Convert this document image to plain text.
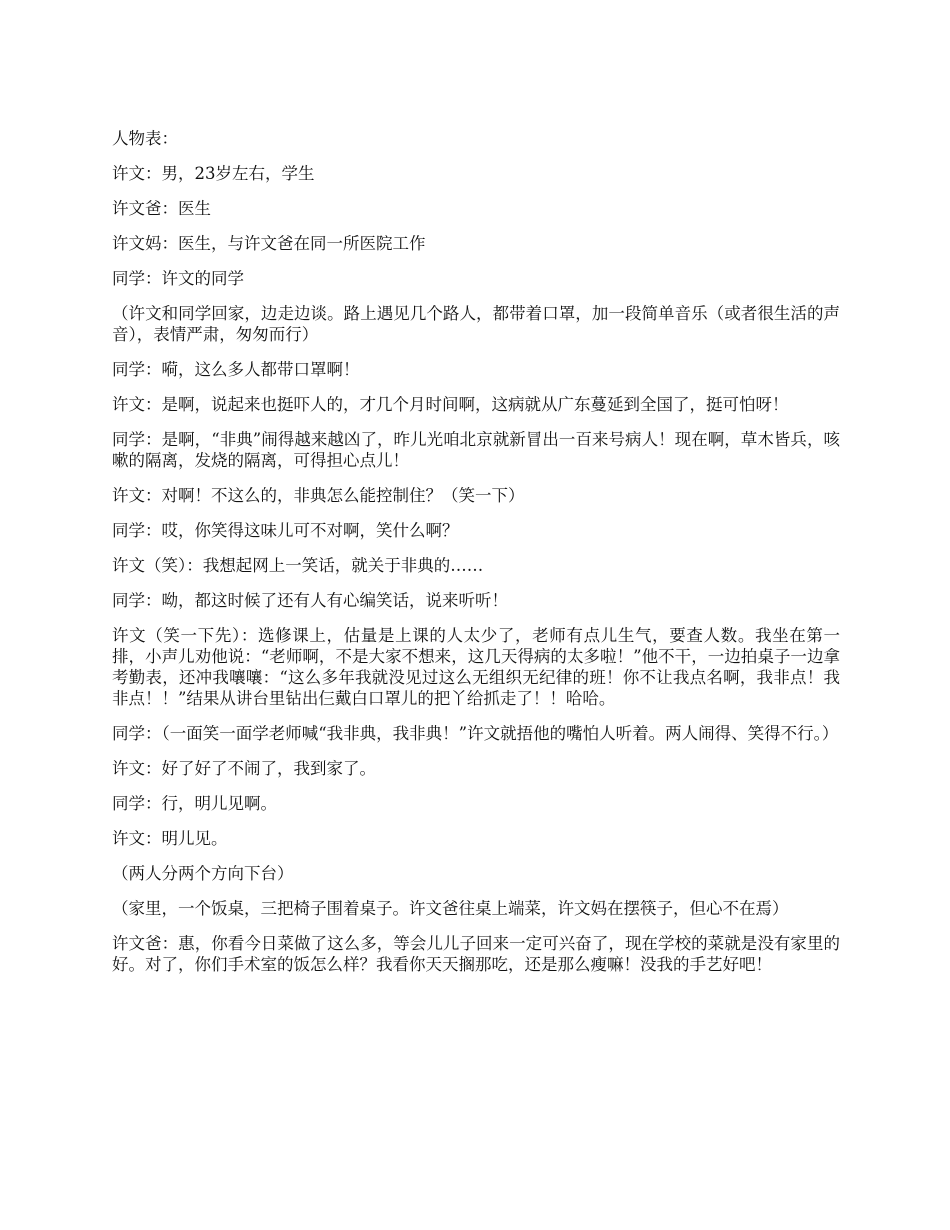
人物表：

许文：男，23岁左右，学生

许文爸：医生

许文妈：医生，与许文爸在同一所医院工作

同学：许文的同学

（许文和同学回家，边走边谈。路上遇见几个路人，都带着口罩，加一段简单音乐（或者很生活的声音），表情严肃，匆匆而行）

同学：嗬，这么多人都带口罩啊！

许文：是啊，说起来也挺吓人的，才几个月时间啊，这病就从广东蔓延到全国了，挺可怕呀！

同学：是啊，“非典”闹得越来越凶了，昨儿光咱北京就新冒出一百来号病人！现在啊，草木皆兵，咳嗽的隔离，发烧的隔离，可得担心点儿！

许文：对啊！不这么的，非典怎么能控制住？（笑一下）

同学：哎，你笑得这味儿可不对啊，笑什么啊？

许文（笑）：我想起网上一笑话，就关于非典的……

同学：呦，都这时候了还有人有心编笑话，说来听听！

许文（笑一下先）：选修课上，估量是上课的人太少了，老师有点儿生气，要查人数。我坐在第一排，小声儿劝他说：“老师啊，不是大家不想来，这几天得病的太多啦！”他不干，一边拍桌子一边拿考勤表，还冲我嚷嚷：“这么多年我就没见过这么无组织无纪律的班！你不让我点名啊，我非点！我非点！！”结果从讲台里钻出仨戴白口罩儿的把丫给抓走了！！哈哈。

同学：（一面笑一面学老师喊“我非典，我非典！”许文就捂他的嘴怕人听着。两人闹得、笑得不行。）

许文：好了好了不闹了，我到家了。

同学：行，明儿见啊。

许文：明儿见。

（两人分两个方向下台）

（家里，一个饭桌，三把椅子围着桌子。许文爸往桌上端菜，许文妈在摆筷子，但心不在焉）

许文爸：惠，你看今日菜做了这么多，等会儿儿子回来一定可兴奋了，现在学校的菜就是没有家里的好。对了，你们手术室的饭怎么样？我看你天天搁那吃，还是那么瘦嘛！没我的手艺好吧！
